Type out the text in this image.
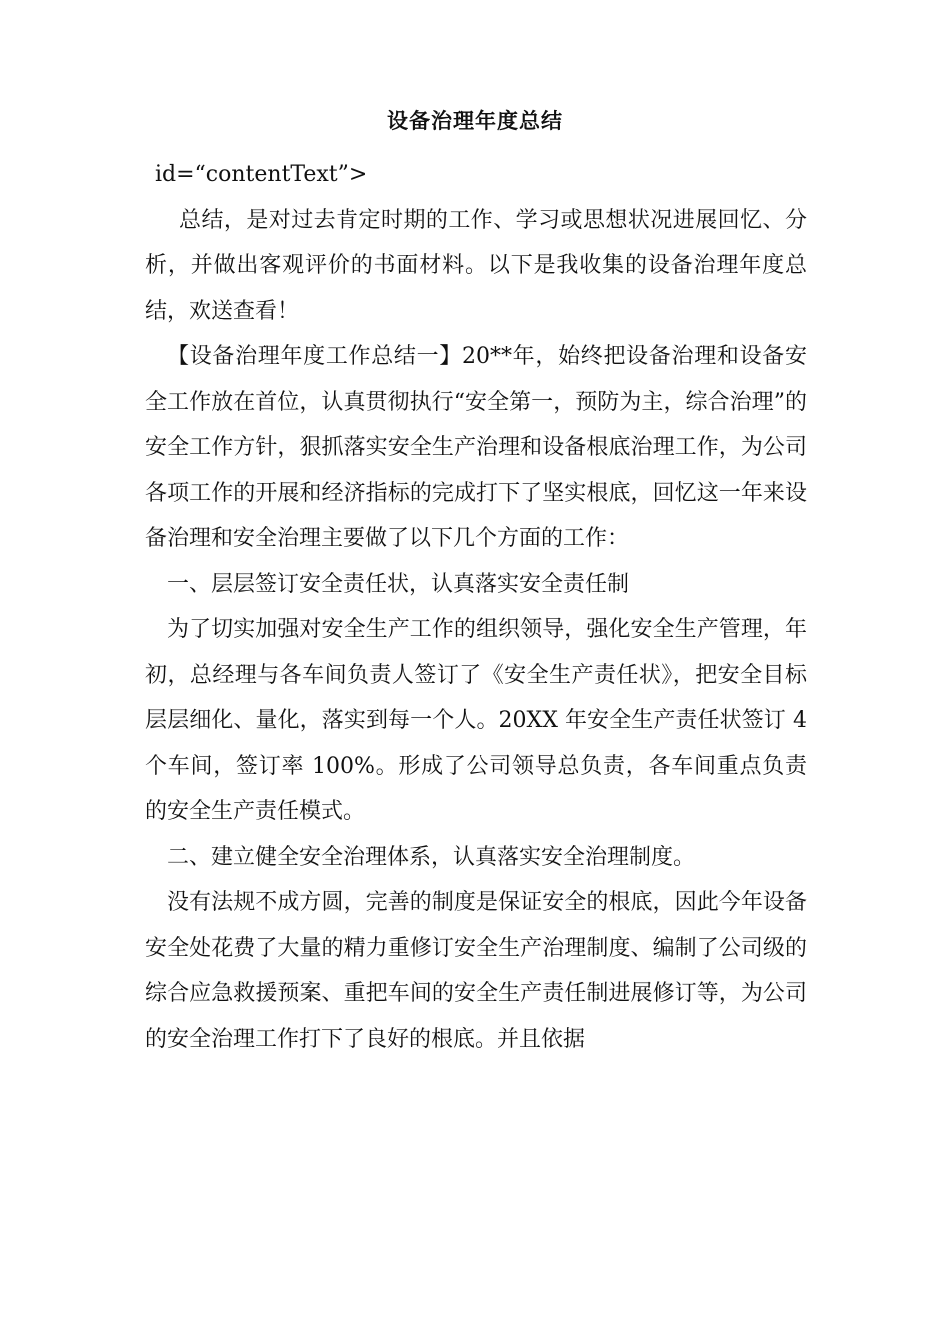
设备治理年度总结

id=“contentText”>

总结，是对过去肯定时期的工作、学习或思想状况进展回忆、分析，并做出客观评价的书面材料。以下是我收集的设备治理年度总结，欢送查看！

【设备治理年度工作总结一】20**年，始终把设备治理和设备安全工作放在首位，认真贯彻执行“安全第一，预防为主，综合治理”的安全工作方针，狠抓落实安全生产治理和设备根底治理工作，为公司各项工作的开展和经济指标的完成打下了坚实根底，回忆这一年来设备治理和安全治理主要做了以下几个方面的工作：

一、层层签订安全责任状，认真落实安全责任制

为了切实加强对安全生产工作的组织领导，强化安全生产管理，年初，总经理与各车间负责人签订了《安全生产责任状》，把安全目标层层细化、量化，落实到每一个人。20XX 年安全生产责任状签订 4 个车间，签订率 100%。形成了公司领导总负责，各车间重点负责的安全生产责任模式。

二、建立健全安全治理体系，认真落实安全治理制度。

没有法规不成方圆，完善的制度是保证安全的根底，因此今年设备安全处花费了大量的精力重修订安全生产治理制度、编制了公司级的综合应急救援预案、重把车间的安全生产责任制进展修订等，为公司的安全治理工作打下了良好的根底。并且依据
